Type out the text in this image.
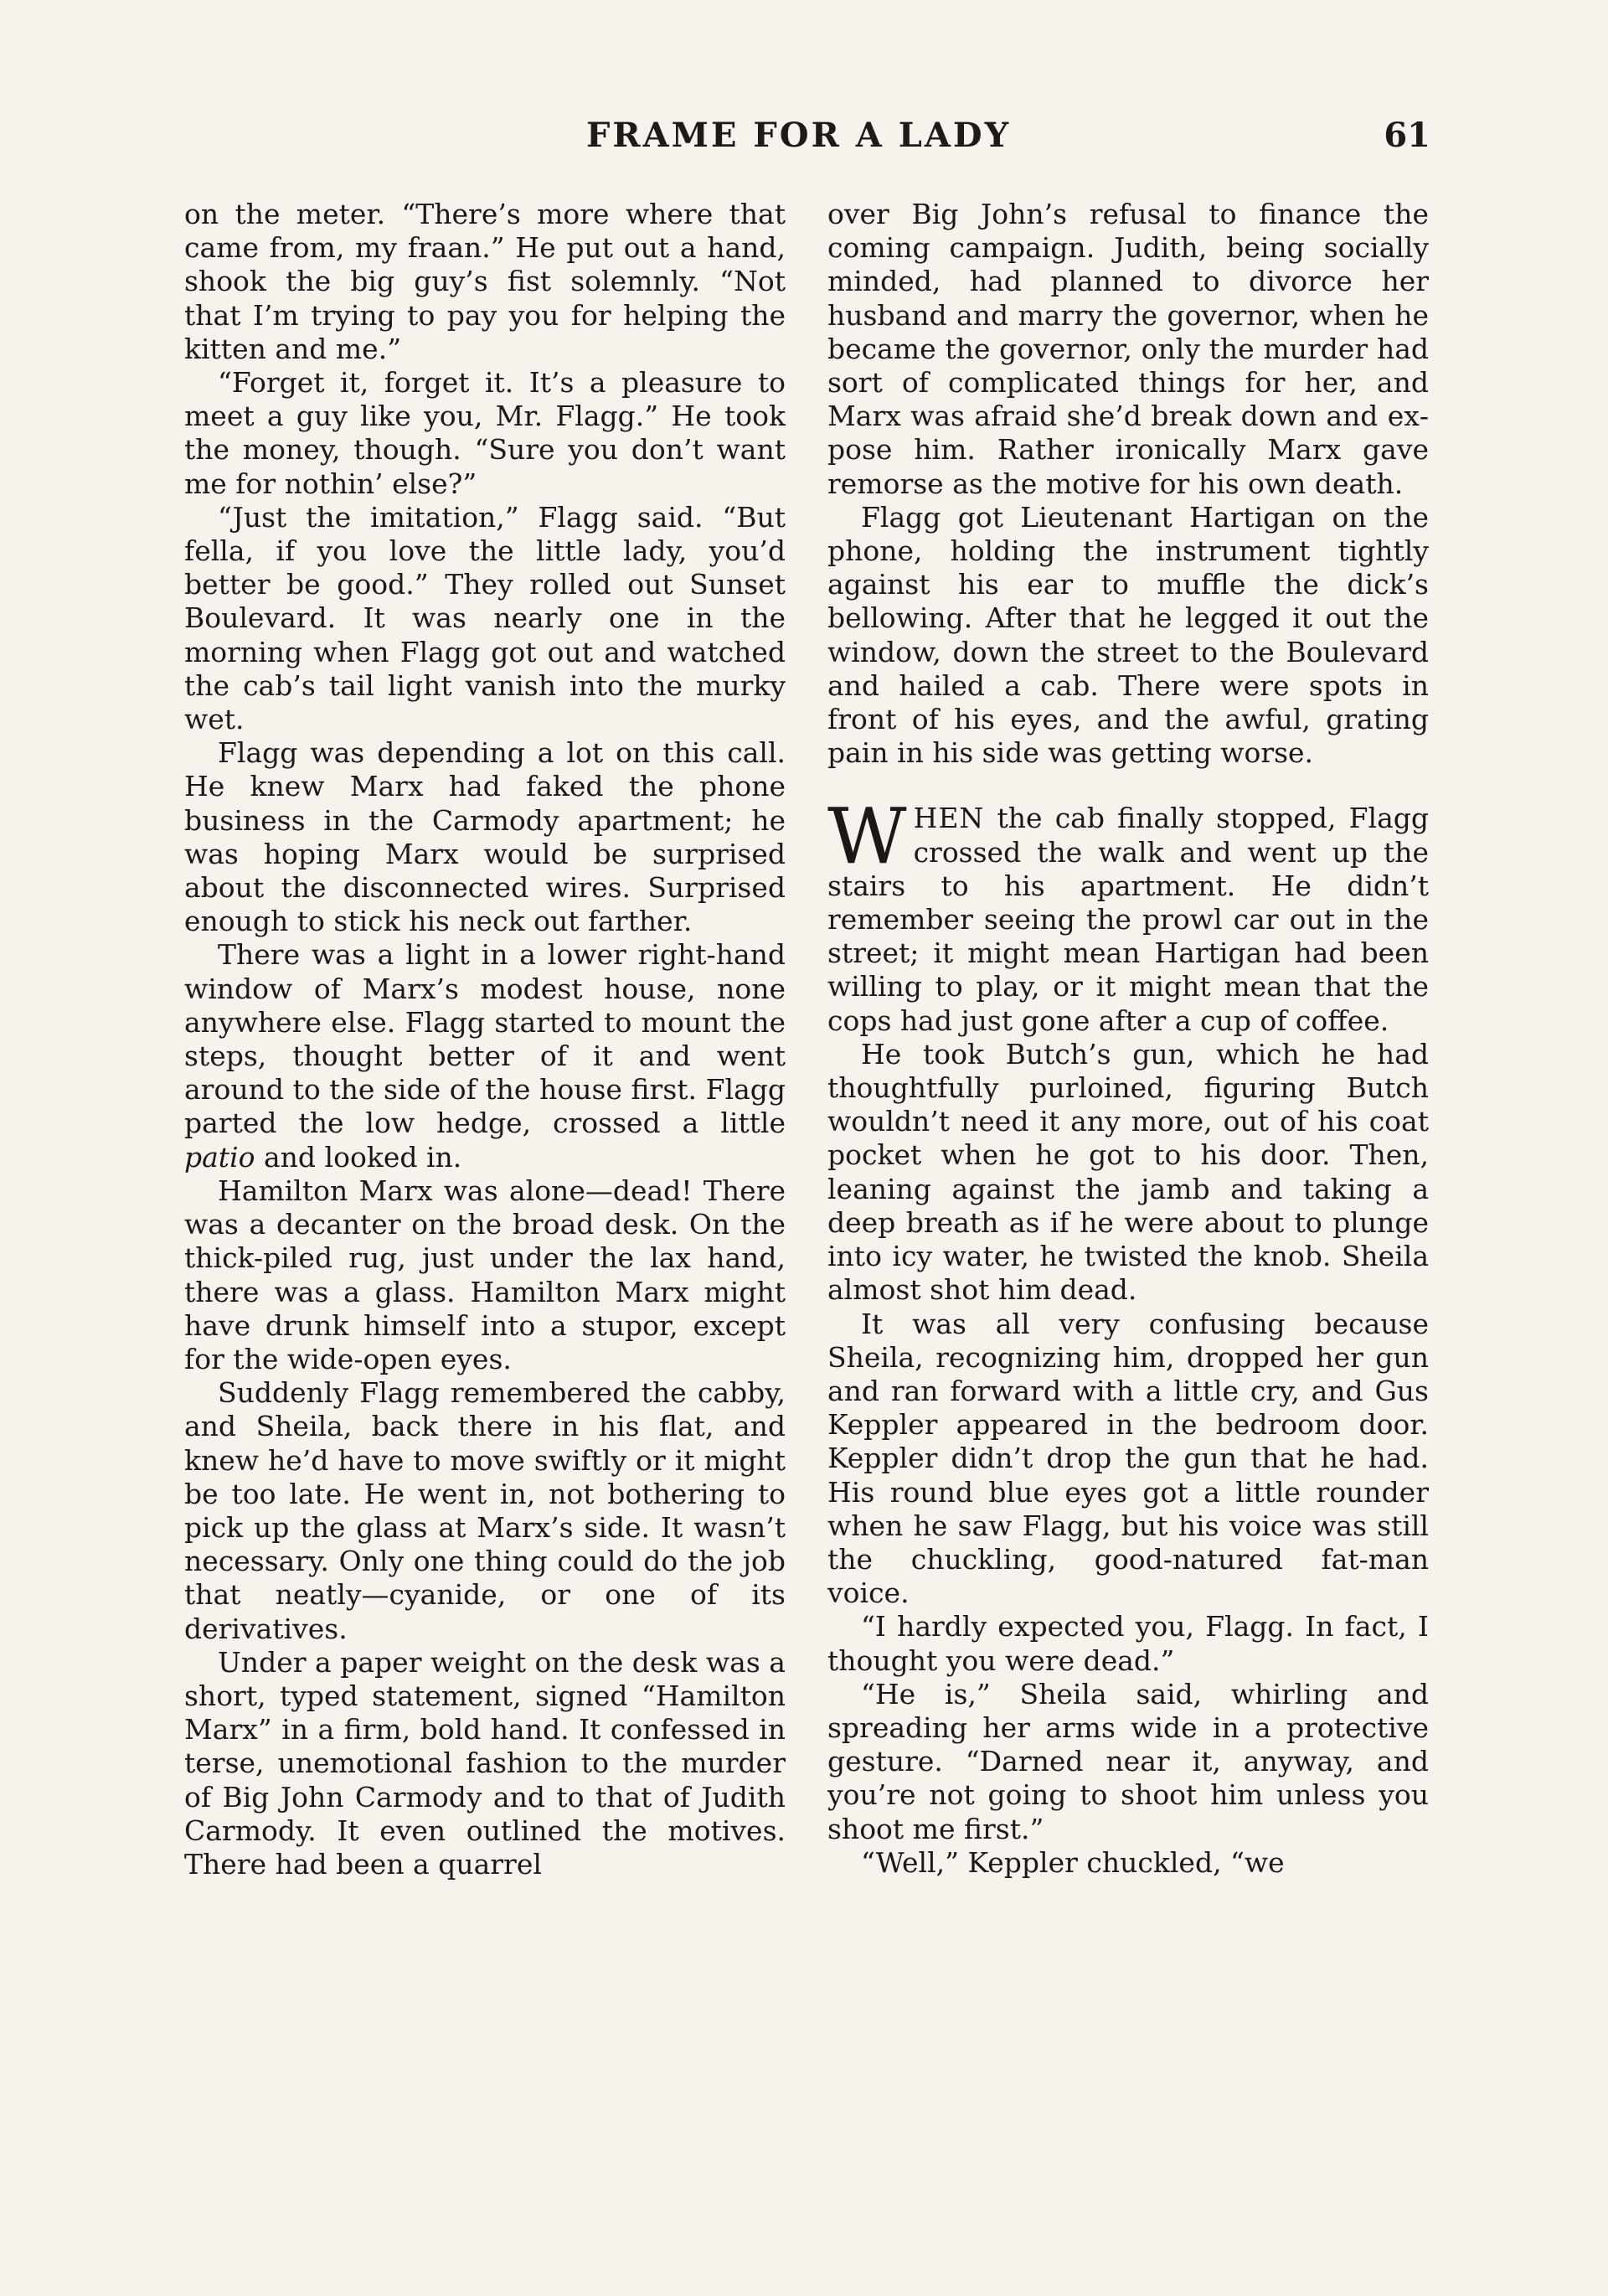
FRAME FOR A LADY	61

on the meter. “There’s more where that came from, my fraan.” He put out a hand, shook the big guy’s fist solemnly. “Not that I’m trying to pay you for helping the kitten and me.”

“Forget it, forget it. It’s a pleasure to meet a guy like you, Mr. Flagg.” He took the money, though. “Sure you don’t want me for nothin’ else?”

“Just the imitation,” Flagg said. “But fella, if you love the little lady, you’d better be good.” They rolled out Sunset Boulevard. It was nearly one in the morning when Flagg got out and watched the cab’s tail light vanish into the murky wet.

Flagg was depending a lot on this call. He knew Marx had faked the phone business in the Carmody apartment; he was hoping Marx would be surprised about the disconnected wires. Surprised enough to stick his neck out farther.

There was a light in a lower right-hand window of Marx’s modest house, none anywhere else. Flagg started to mount the steps, thought better of it and went around to the side of the house first. Flagg parted the low hedge, crossed a little patio and looked in.

Hamilton Marx was alone—dead! There was a decanter on the broad desk. On the thick-piled rug, just under the lax hand, there was a glass. Hamilton Marx might have drunk himself into a stupor, except for the wide-open eyes.

Suddenly Flagg remembered the cabby, and Sheila, back there in his flat, and knew he’d have to move swiftly or it might be too late. He went in, not bothering to pick up the glass at Marx’s side. It wasn’t necessary. Only one thing could do the job that neatly—cyanide, or one of its derivatives.

Under a paper weight on the desk was a short, typed statement, signed “Hamilton Marx” in a firm, bold hand. It confessed in terse, unemotional fashion to the murder of Big John Carmody and to that of Judith Carmody. It even outlined the motives. There had been a quarrel

over Big John’s refusal to finance the coming campaign. Judith, being socially minded, had planned to divorce her husband and marry the governor, when he became the governor, only the murder had sort of complicated things for her, and Marx was afraid she’d break down and expose him. Rather ironically Marx gave remorse as the motive for his own death.

Flagg got Lieutenant Hartigan on the phone, holding the instrument tightly against his ear to muffle the dick’s bellowing. After that he legged it out the window, down the street to the Boulevard and hailed a cab. There were spots in front of his eyes, and the awful, grating pain in his side was getting worse.

WHEN the cab finally stopped, Flagg crossed the walk and went up the stairs to his apartment. He didn’t remember seeing the prowl car out in the street; it might mean Hartigan had been willing to play, or it might mean that the cops had just gone after a cup of coffee.

He took Butch’s gun, which he had thoughtfully purloined, figuring Butch wouldn’t need it any more, out of his coat pocket when he got to his door. Then, leaning against the jamb and taking a deep breath as if he were about to plunge into icy water, he twisted the knob. Sheila almost shot him dead.

It was all very confusing because Sheila, recognizing him, dropped her gun and ran forward with a little cry, and Gus Keppler appeared in the bedroom door. Keppler didn’t drop the gun that he had. His round blue eyes got a little rounder when he saw Flagg, but his voice was still the chuckling, good-natured fat-man voice.

“I hardly expected you, Flagg. In fact, I thought you were dead.”

“He is,” Sheila said, whirling and spreading her arms wide in a protective gesture. “Darned near it, anyway, and you’re not going to shoot him unless you shoot me first.”

“Well,” Keppler chuckled, “we
